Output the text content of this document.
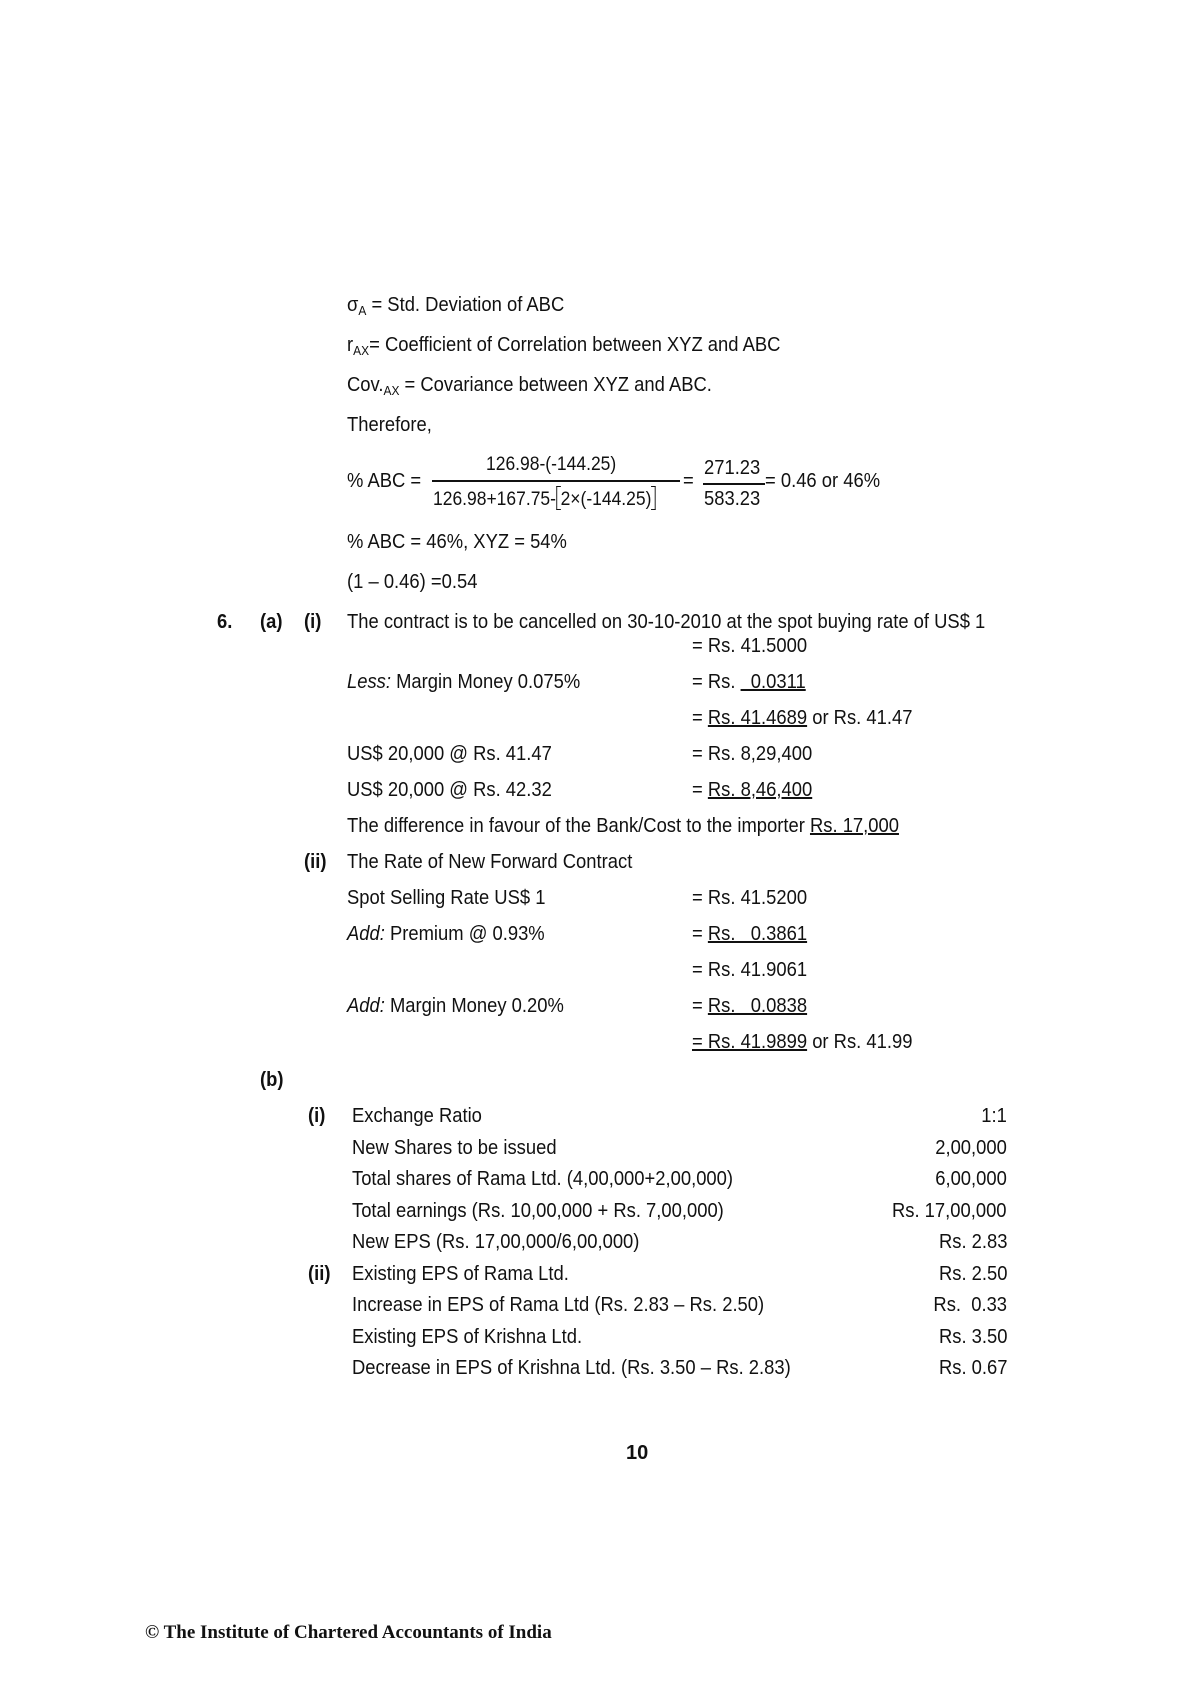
$\sigma_A$ = Std. Deviation of ABC
$r_{AX}=$ Coefficient of Correlation between XYZ and ABC
$Cov._{AX}$ = Covariance between XYZ and ABC.
Therefore,
% ABC =
126.98-(-144.25)
126.98+167.75- 2×(-144.25)
=
271.23
583.23
= 0.46 or 46%
% ABC = 46%, XYZ = 54%
(1 – 0.46) =0.54
6. (a) (i) The contract is to be cancelled on 30-10-2010 at the spot buying rate of US$ 1
= Rs. 41.5000
Less: Margin Money 0.075%	= Rs.   0.0311
= Rs. 41.4689 or Rs. 41.47
US$ 20,000 @ Rs. 41.47	= Rs. 8,29,400
US$ 20,000 @ Rs. 42.32	= Rs. 8,46,400
The difference in favour of the Bank/Cost to the importer Rs. 17,000
(ii) The Rate of New Forward Contract
Spot Selling Rate US$ 1	= Rs. 41.5200
Add: Premium @ 0.93%	= Rs.   0.3861
= Rs. 41.9061
Add: Margin Money 0.20%	= Rs.   0.0838
= Rs. 41.9899 or Rs. 41.99
(b)
(i)
(ii)
Exchange Ratio	1:1
New Shares to be issued	2,00,000
Total shares of Rama Ltd. (4,00,000+2,00,000)	6,00,000
Total earnings (Rs. 10,00,000 + Rs. 7,00,000)	Rs. 17,00,000
New EPS (Rs. 17,00,000/6,00,000)	Rs. 2.83
Existing EPS of Rama Ltd.	Rs. 2.50
Increase in EPS of Rama Ltd (Rs. 2.83 – Rs. 2.50)	Rs.  0.33
Existing EPS of Krishna Ltd.	Rs. 3.50
Decrease in EPS of Krishna Ltd. (Rs. 3.50 – Rs. 2.83)	Rs. 0.67
10
© The Institute of Chartered Accountants of India
